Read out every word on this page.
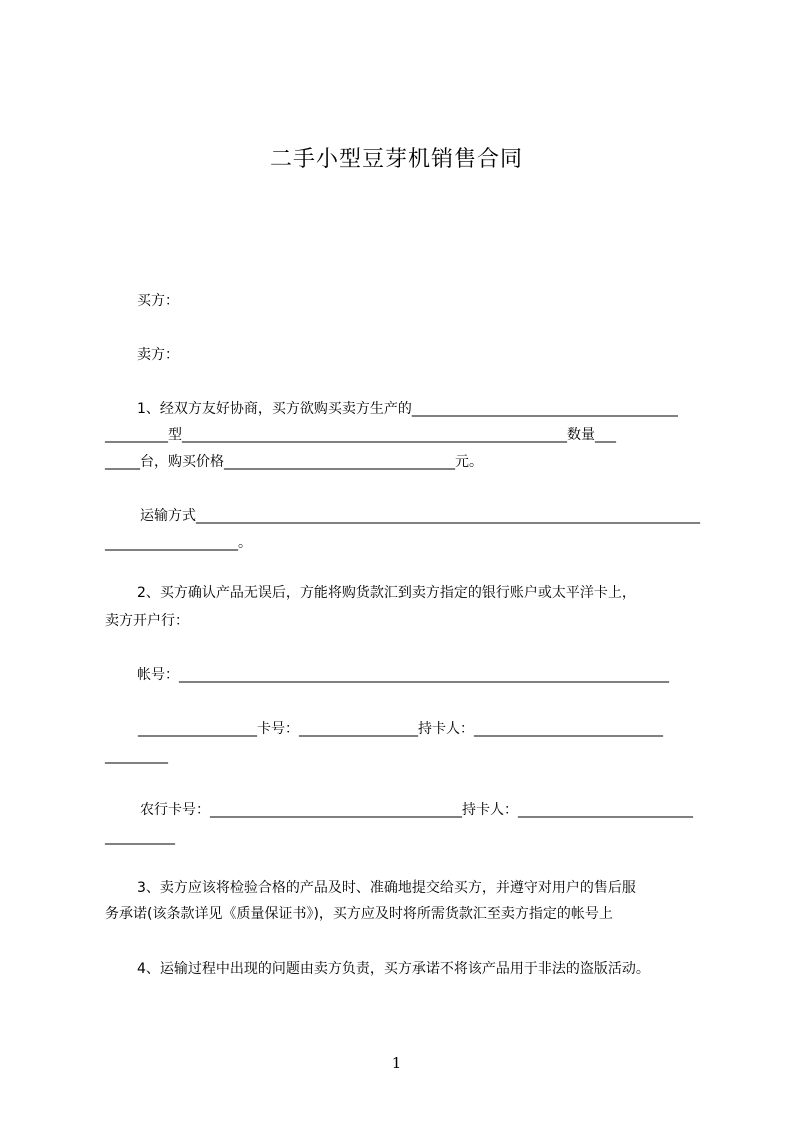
二手小型豆芽机销售合同
买方：
卖方：
1、经双方友好协商，买方欲购买卖方生产的______________________________________
_________型_______________________________________________________数量___
_____台，购买价格_________________________________元。
运输方式________________________________________________________________________
___________________。
2、买方确认产品无误后，方能将购货款汇到卖方指定的银行账户或太平洋卡上，
卖方开户行：
帐号：______________________________________________________________________
_________________卡号：_________________持卡人：___________________________
_________
农行卡号：____________________________________持卡人：_________________________
__________
3、卖方应该将检验合格的产品及时、准确地提交给买方，并遵守对用户的售后服
务承诺(该条款详见《质量保证书》)，买方应及时将所需货款汇至卖方指定的帐号上
4、运输过程中出现的问题由卖方负责，买方承诺不将该产品用于非法的盗版活动。
1
